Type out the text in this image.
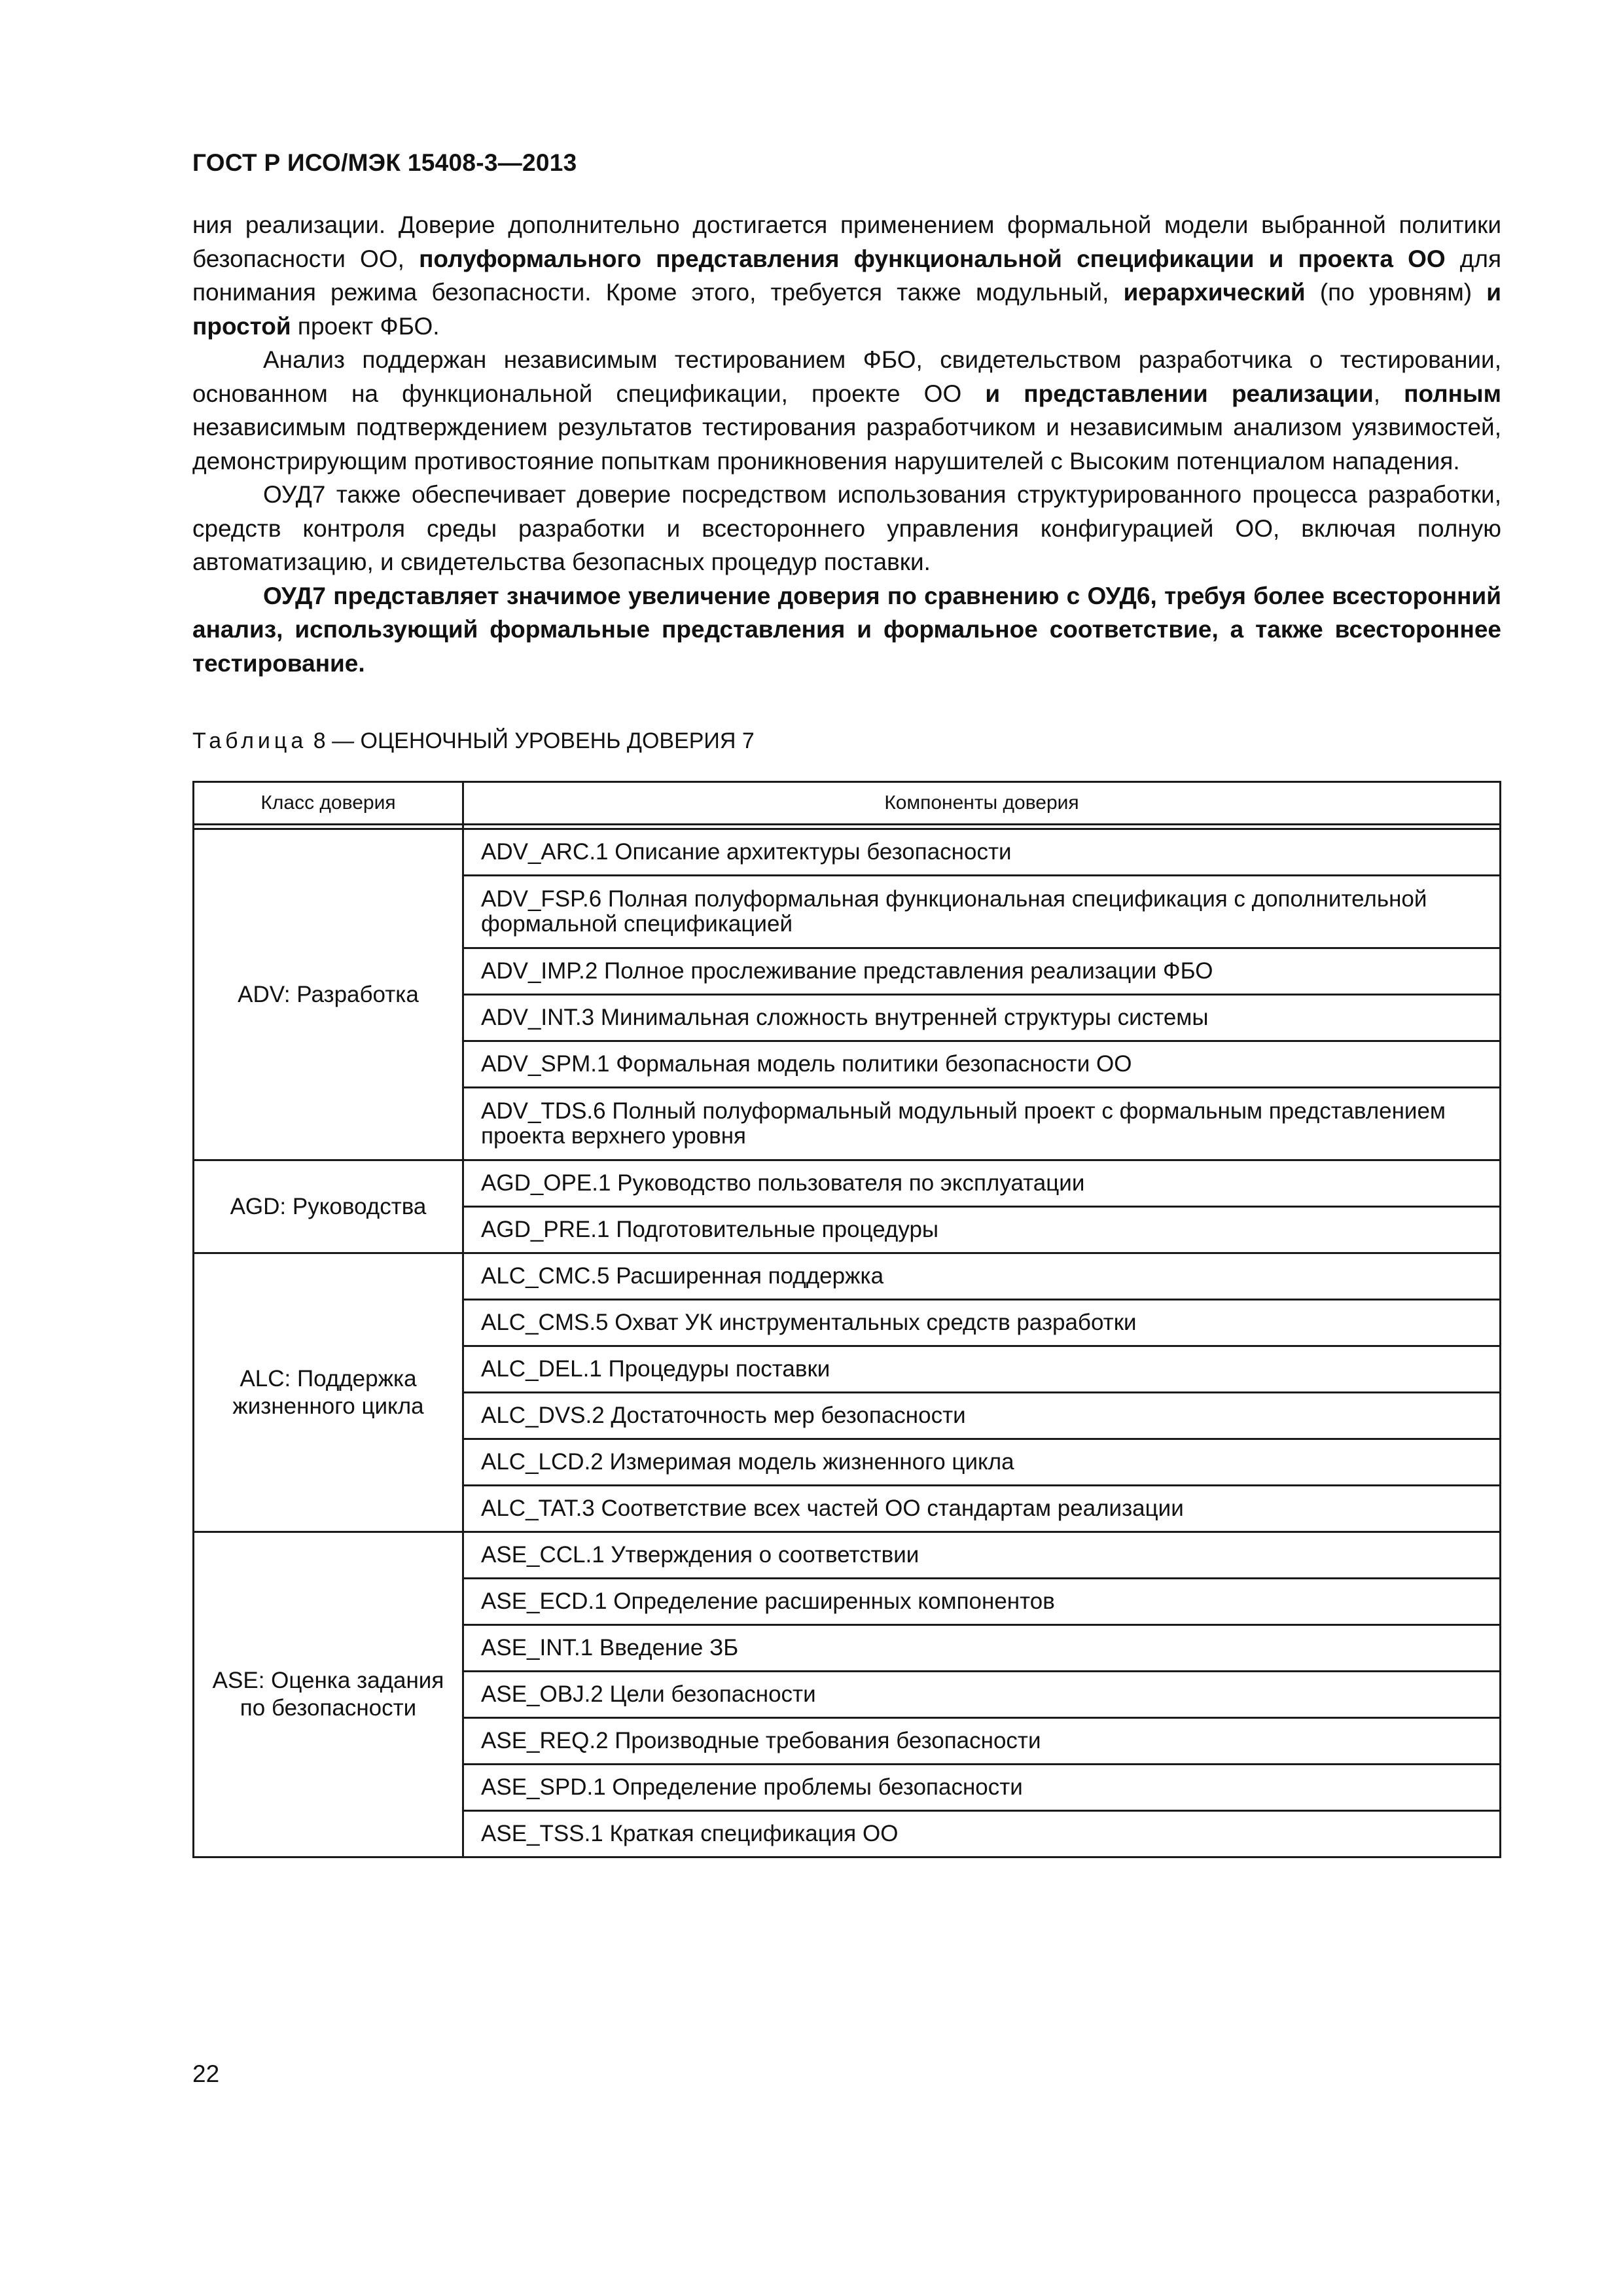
ГОСТ Р ИСО/МЭК 15408-3—2013

ния реализации. Доверие дополнительно достигается применением формальной модели выбранной политики безопасности ОО, полуформального представления функциональной спецификации и проекта ОО для понимания режима безопасности. Кроме этого, требуется также модульный, иерархический (по уровням) и простой проект ФБО.

Анализ поддержан независимым тестированием ФБО, свидетельством разработчика о тестировании, основанном на функциональной спецификации, проекте ОО и представлении реализации, полным независимым подтверждением результатов тестирования разработчиком и независимым анализом уязвимостей, демонстрирующим противостояние попыткам проникновения нарушителей с Высоким потенциалом нападения.

ОУД7 также обеспечивает доверие посредством использования структурированного процесса разработки, средств контроля среды разработки и всестороннего управления конфигурацией ОО, включая полную автоматизацию, и свидетельства безопасных процедур поставки.

ОУД7 представляет значимое увеличение доверия по сравнению с ОУД6, требуя более всесторонний анализ, использующий формальные представления и формальное соответствие, а также всестороннее тестирование.

Таблица 8 — ОЦЕНОЧНЫЙ УРОВЕНЬ ДОВЕРИЯ 7
Класс доверия	Компоненты доверия

ADV: Разработка	ADV_ARC.1 Описание архитектуры безопасности
	ADV_FSP.6 Полная полуформальная функциональная спецификация с дополнительной формальной спецификацией
	ADV_IMP.2 Полное прослеживание представления реализации ФБО
	ADV_INT.3 Минимальная сложность внутренней структуры системы
	ADV_SPM.1 Формальная модель политики безопасности ОО
	ADV_TDS.6 Полный полуформальный модульный проект с формальным представлением проекта верхнего уровня
AGD: Руководства	AGD_OPE.1 Руководство пользователя по эксплуатации
	AGD_PRE.1 Подготовительные процедуры
ALC: Поддержка жизненного цикла	ALC_CMC.5 Расширенная поддержка
	ALC_CMS.5 Охват УК инструментальных средств разработки
	ALC_DEL.1 Процедуры поставки
	ALC_DVS.2 Достаточность мер безопасности
	ALC_LCD.2 Измеримая модель жизненного цикла
	ALC_TAT.3 Соответствие всех частей ОО стандартам реализации
ASE: Оценка задания по безопасности	ASE_CCL.1 Утверждения о соответствии
	ASE_ECD.1 Определение расширенных компонентов
	ASE_INT.1 Введение ЗБ
	ASE_OBJ.2 Цели безопасности
	ASE_REQ.2 Производные требования безопасности
	ASE_SPD.1 Определение проблемы безопасности
	ASE_TSS.1 Краткая спецификация ОО
22
